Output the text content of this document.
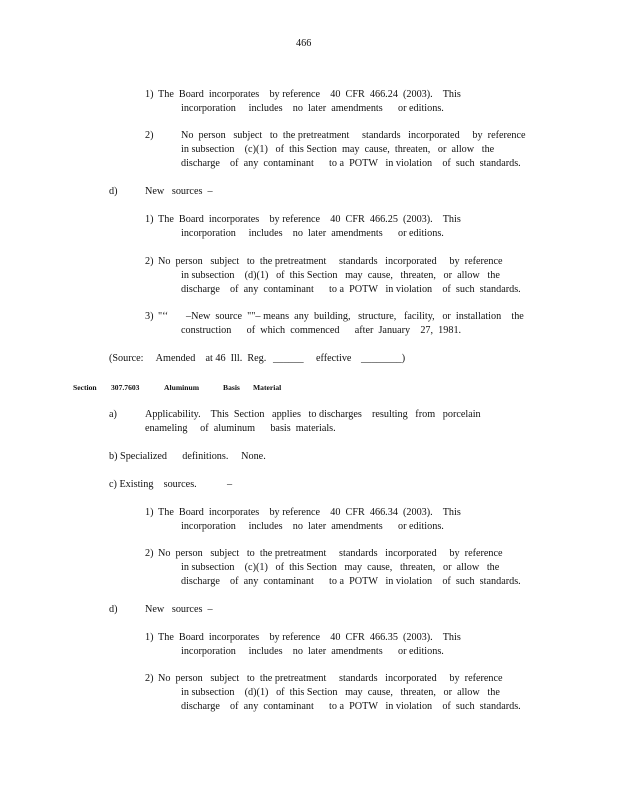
466
1) The  Board  incorporates    by reference    40  CFR  466.24  (2003).    This
incorporation     includes    no  later  amendments      or editions.
2)	No  person   subject   to  the pretreatment     standards   incorporated     by  reference
in subsection    (c)(1)   of  this Section  may  cause,  threaten,   or  allow   the
discharge    of  any  contaminant      to a  POTW   in violation    of  such  standards.
d)	New   sources  –
1) The  Board  incorporates    by reference    40  CFR  466.25  (2003).    This
incorporation     includes    no  later  amendments      or editions.
2) No  person   subject   to  the pretreatment     standards   incorporated     by  reference
in subsection    (d)(1)   of  this Section   may  cause,   threaten,   or  allow   the
discharge    of  any  contaminant      to a  POTW   in violation    of  such  standards.
3) "‘‘ –New  source  ""– means  any  building,   structure,   facility,   or  installation    the
construction      of  which  commenced      after  January    27,  1981.
(Source:     Amended    at 46  Ill.  Reg. ______ effective ________)
Section 307.7603	Aluminum	Basis Material
a)	Applicability.    This  Section   applies   to discharges    resulting   from   porcelain
enameling     of  aluminum      basis  materials.
b) Specialized      definitions.     None.
c) Existing    sources.	–
1) The  Board  incorporates    by reference    40  CFR  466.34  (2003).    This
incorporation     includes    no  later  amendments      or editions.
2) No  person   subject   to  the pretreatment     standards   incorporated     by  reference
in subsection    (c)(1)   of  this Section   may  cause,   threaten,   or  allow   the
discharge    of  any  contaminant      to a  POTW   in violation    of  such  standards.
d)	New   sources  –
1) The  Board  incorporates    by reference    40  CFR  466.35  (2003).    This
incorporation     includes    no  later  amendments      or editions.
2) No  person   subject   to  the pretreatment     standards   incorporated     by  reference
in subsection    (d)(1)   of  this Section   may  cause,   threaten,   or  allow   the
discharge    of  any  contaminant      to a  POTW   in violation    of  such  standards.
